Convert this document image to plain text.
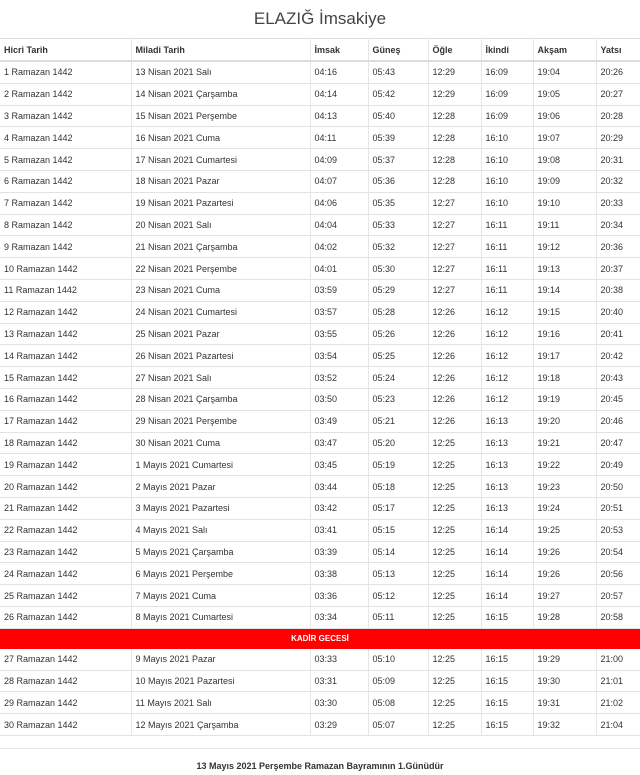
ELAZIĞ İmsakiye
Hicri Tarih	Miladi Tarih	İmsak	Güneş	Öğle	İkindi	Akşam	Yatsı
1 Ramazan 1442	13 Nisan 2021 Salı	04:16	05:43	12:29	16:09	19:04	20:26
2 Ramazan 1442	14 Nisan 2021 Çarşamba	04:14	05:42	12:29	16:09	19:05	20:27
3 Ramazan 1442	15 Nisan 2021 Perşembe	04:13	05:40	12:28	16:09	19:06	20:28
4 Ramazan 1442	16 Nisan 2021 Cuma	04:11	05:39	12:28	16:10	19:07	20:29
5 Ramazan 1442	17 Nisan 2021 Cumartesi	04:09	05:37	12:28	16:10	19:08	20:31
6 Ramazan 1442	18 Nisan 2021 Pazar	04:07	05:36	12:28	16:10	19:09	20:32
7 Ramazan 1442	19 Nisan 2021 Pazartesi	04:06	05:35	12:27	16:10	19:10	20:33
8 Ramazan 1442	20 Nisan 2021 Salı	04:04	05:33	12:27	16:11	19:11	20:34
9 Ramazan 1442	21 Nisan 2021 Çarşamba	04:02	05:32	12:27	16:11	19:12	20:36
10 Ramazan 1442	22 Nisan 2021 Perşembe	04:01	05:30	12:27	16:11	19:13	20:37
11 Ramazan 1442	23 Nisan 2021 Cuma	03:59	05:29	12:27	16:11	19:14	20:38
12 Ramazan 1442	24 Nisan 2021 Cumartesi	03:57	05:28	12:26	16:12	19:15	20:40
13 Ramazan 1442	25 Nisan 2021 Pazar	03:55	05:26	12:26	16:12	19:16	20:41
14 Ramazan 1442	26 Nisan 2021 Pazartesi	03:54	05:25	12:26	16:12	19:17	20:42
15 Ramazan 1442	27 Nisan 2021 Salı	03:52	05:24	12:26	16:12	19:18	20:43
16 Ramazan 1442	28 Nisan 2021 Çarşamba	03:50	05:23	12:26	16:12	19:19	20:45
17 Ramazan 1442	29 Nisan 2021 Perşembe	03:49	05:21	12:26	16:13	19:20	20:46
18 Ramazan 1442	30 Nisan 2021 Cuma	03:47	05:20	12:25	16:13	19:21	20:47
19 Ramazan 1442	1 Mayıs 2021 Cumartesi	03:45	05:19	12:25	16:13	19:22	20:49
20 Ramazan 1442	2 Mayıs 2021 Pazar	03:44	05:18	12:25	16:13	19:23	20:50
21 Ramazan 1442	3 Mayıs 2021 Pazartesi	03:42	05:17	12:25	16:13	19:24	20:51
22 Ramazan 1442	4 Mayıs 2021 Salı	03:41	05:15	12:25	16:14	19:25	20:53
23 Ramazan 1442	5 Mayıs 2021 Çarşamba	03:39	05:14	12:25	16:14	19:26	20:54
24 Ramazan 1442	6 Mayıs 2021 Perşembe	03:38	05:13	12:25	16:14	19:26	20:56
25 Ramazan 1442	7 Mayıs 2021 Cuma	03:36	05:12	12:25	16:14	19:27	20:57
26 Ramazan 1442	8 Mayıs 2021 Cumartesi	03:34	05:11	12:25	16:15	19:28	20:58
KADİR GECESİ							
27 Ramazan 1442	9 Mayıs 2021 Pazar	03:33	05:10	12:25	16:15	19:29	21:00
28 Ramazan 1442	10 Mayıs 2021 Pazartesi	03:31	05:09	12:25	16:15	19:30	21:01
29 Ramazan 1442	11 Mayıs 2021 Salı	03:30	05:08	12:25	16:15	19:31	21:02
30 Ramazan 1442	12 Mayıs 2021 Çarşamba	03:29	05:07	12:25	16:15	19:32	21:04
13 Mayıs 2021 Perşembe Ramazan Bayramının 1.Günüdür
